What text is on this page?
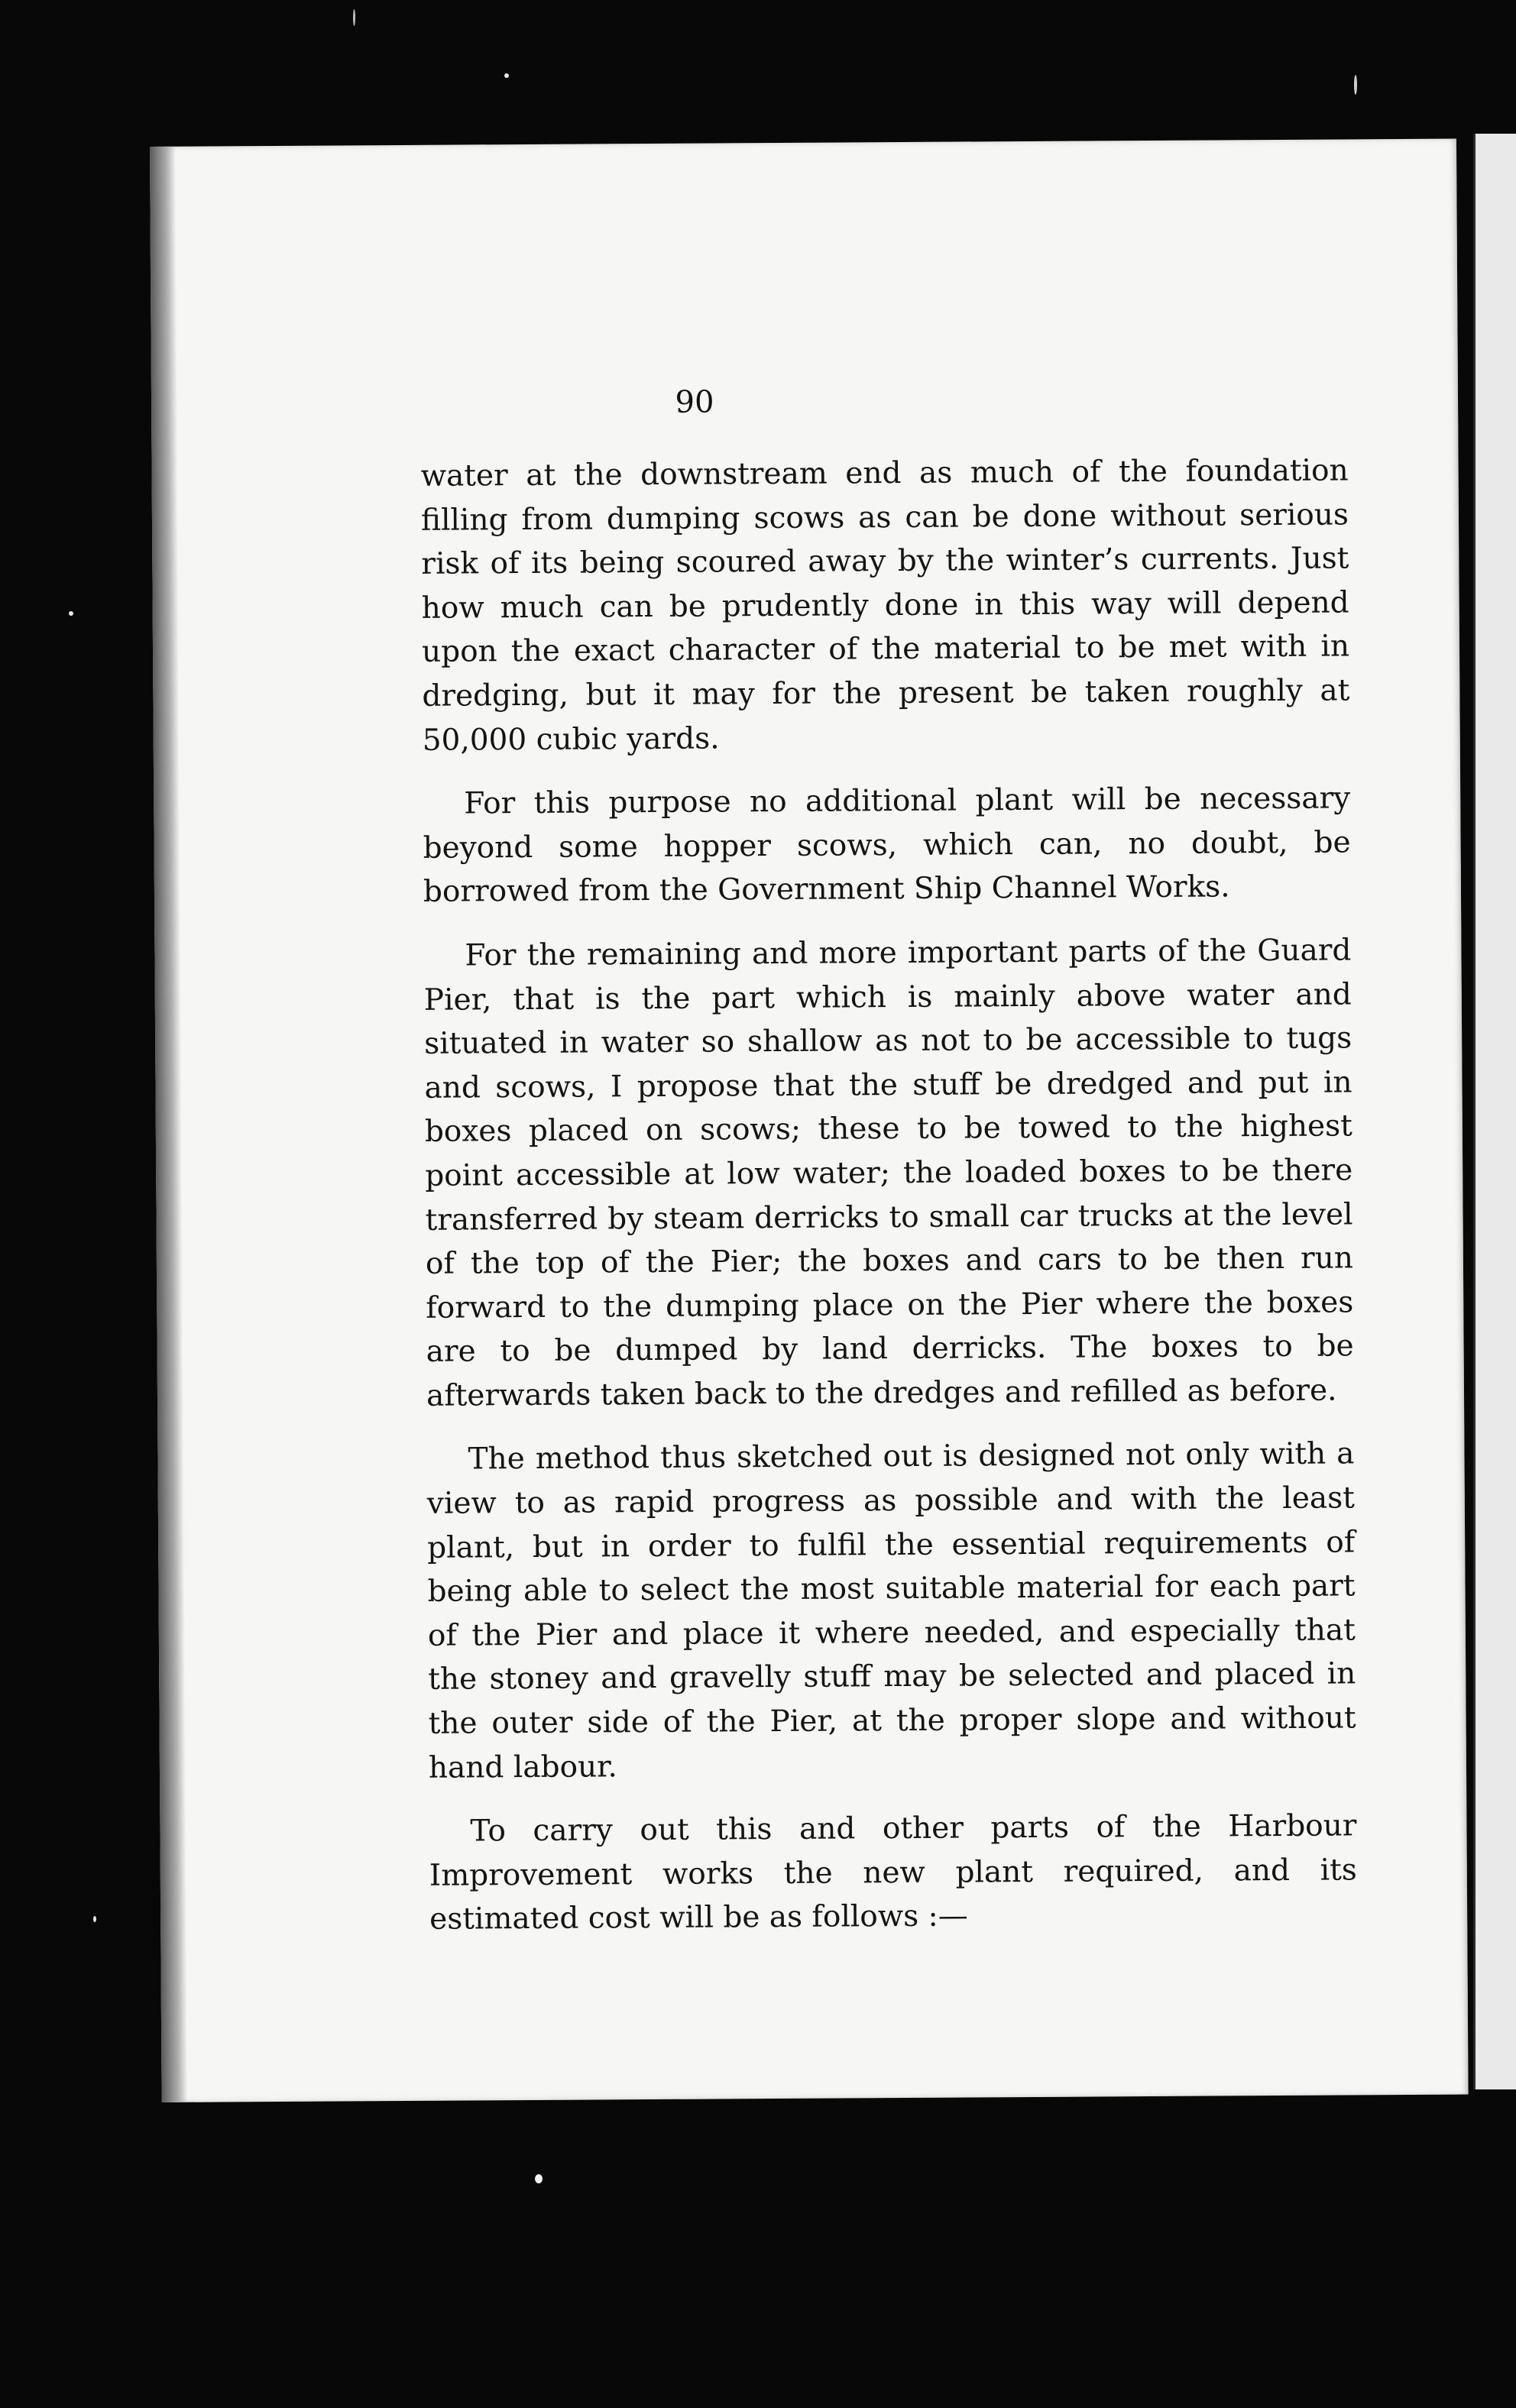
90

water at the downstream end as much of the foundation filling from dumping scows as can be done without serious risk of its being scoured away by the winter’s currents. Just how much can be prudently done in this way will depend upon the exact character of the material to be met with in dredging, but it may for the present be taken roughly at 50,000 cubic yards.

For this purpose no additional plant will be necessary beyond some hopper scows, which can, no doubt, be borrowed from the Government Ship Channel Works.

For the remaining and more important parts of the Guard Pier, that is the part which is mainly above water and situated in water so shallow as not to be accessible to tugs and scows, I propose that the stuff be dredged and put in boxes placed on scows; these to be towed to the highest point accessible at low water; the loaded boxes to be there transferred by steam derricks to small car trucks at the level of the top of the Pier; the boxes and cars to be then run forward to the dumping place on the Pier where the boxes are to be dumped by land derricks. The boxes to be afterwards taken back to the dredges and refilled as before.

The method thus sketched out is designed not only with a view to as rapid progress as possible and with the least plant, but in order to fulfil the essential requirements of being able to select the most suitable material for each part of the Pier and place it where needed, and especially that the stoney and gravelly stuff may be selected and placed in the outer side of the Pier, at the proper slope and without hand labour.

To carry out this and other parts of the Harbour Improvement works the new plant required, and its estimated cost will be as follows :—
